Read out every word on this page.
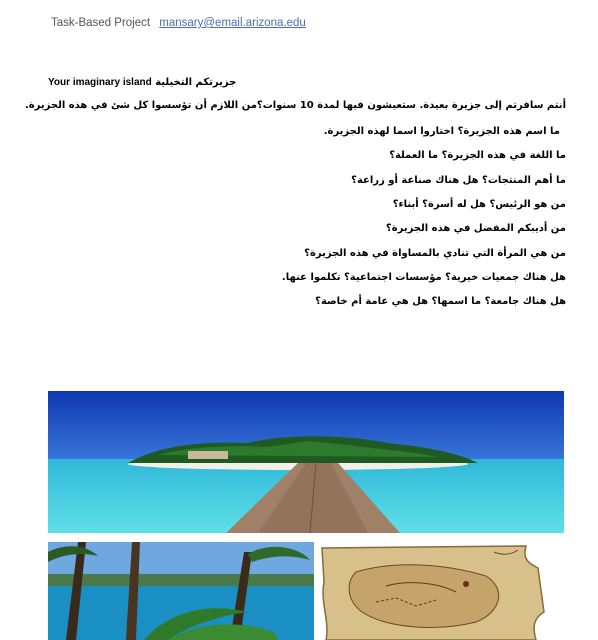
Task-Based Project mansary@email.arizona.edu
Your imaginary island جزيرتكم التخيلية
أنتم سافرتم إلى جزيرة بعيدة. ستعيشون فيها لمدة 10 سنوات؟من اللازم أن تؤسسوا كل شئ في هذه الجزيرة.
ما اسم هذه الجزيرة؟ اختاروا اسما لهذه الجزيرة.
ما اللغة في هذه الجزيرة؟ ما العملة؟
ما أهم المنتجات؟ هل هناك صناعة أو زراعة؟
من هو الرئيس؟ هل له أسرة؟ أبناء؟
من أديبكم المفضل في هذه الجزيرة؟
من هي المرأة التي تنادي بالمساواة في هذه الجزيرة؟
هل هناك جمعيات خيرية؟ مؤسسات اجتماعية؟ تكلموا عنها.
هل هناك جامعة؟ ما اسمها؟ هل هي عامة أم خاصة؟
